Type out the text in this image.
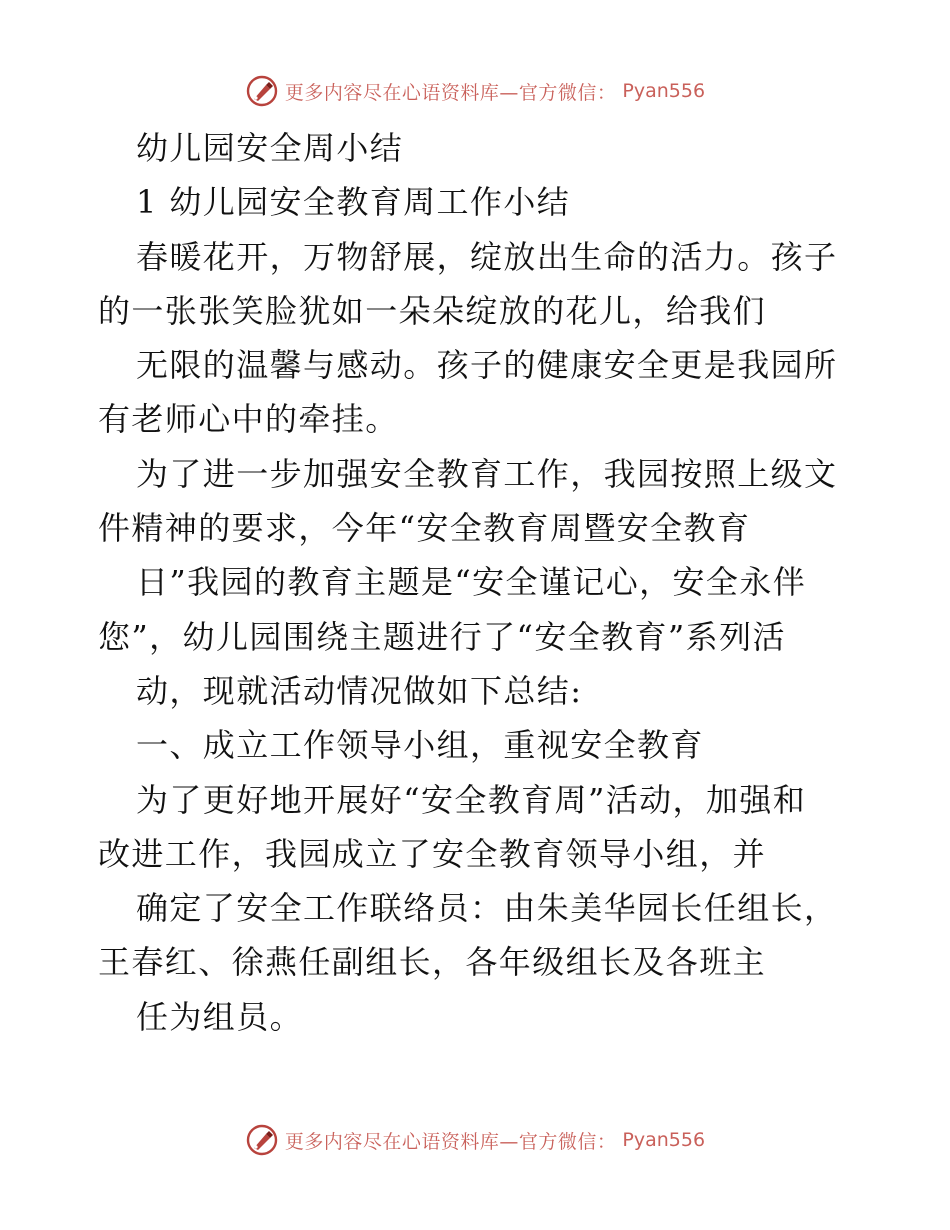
更多内容尽在心语资料库—官方微信： Pyan556
幼儿园安全周小结
1 幼儿园安全教育周工作小结
春暖花开，万物舒展，绽放出生命的活力。孩子
的一张张笑脸犹如一朵朵绽放的花儿，给我们
无限的温馨与感动。孩子的健康安全更是我园所
有老师心中的牵挂。
为了进一步加强安全教育工作，我园按照上级文
件精神的要求，今年“安全教育周暨安全教育
日”我园的教育主题是“安全谨记心，安全永伴
您”，幼儿园围绕主题进行了“安全教育”系列活
动，现就活动情况做如下总结:
一、成立工作领导小组，重视安全教育
为了更好地开展好“安全教育周”活动，加强和
改进工作，我园成立了安全教育领导小组，并
确定了安全工作联络员：由朱美华园长任组长，
王春红、徐燕任副组长，各年级组长及各班主
任为组员。
更多内容尽在心语资料库—官方微信： Pyan556
